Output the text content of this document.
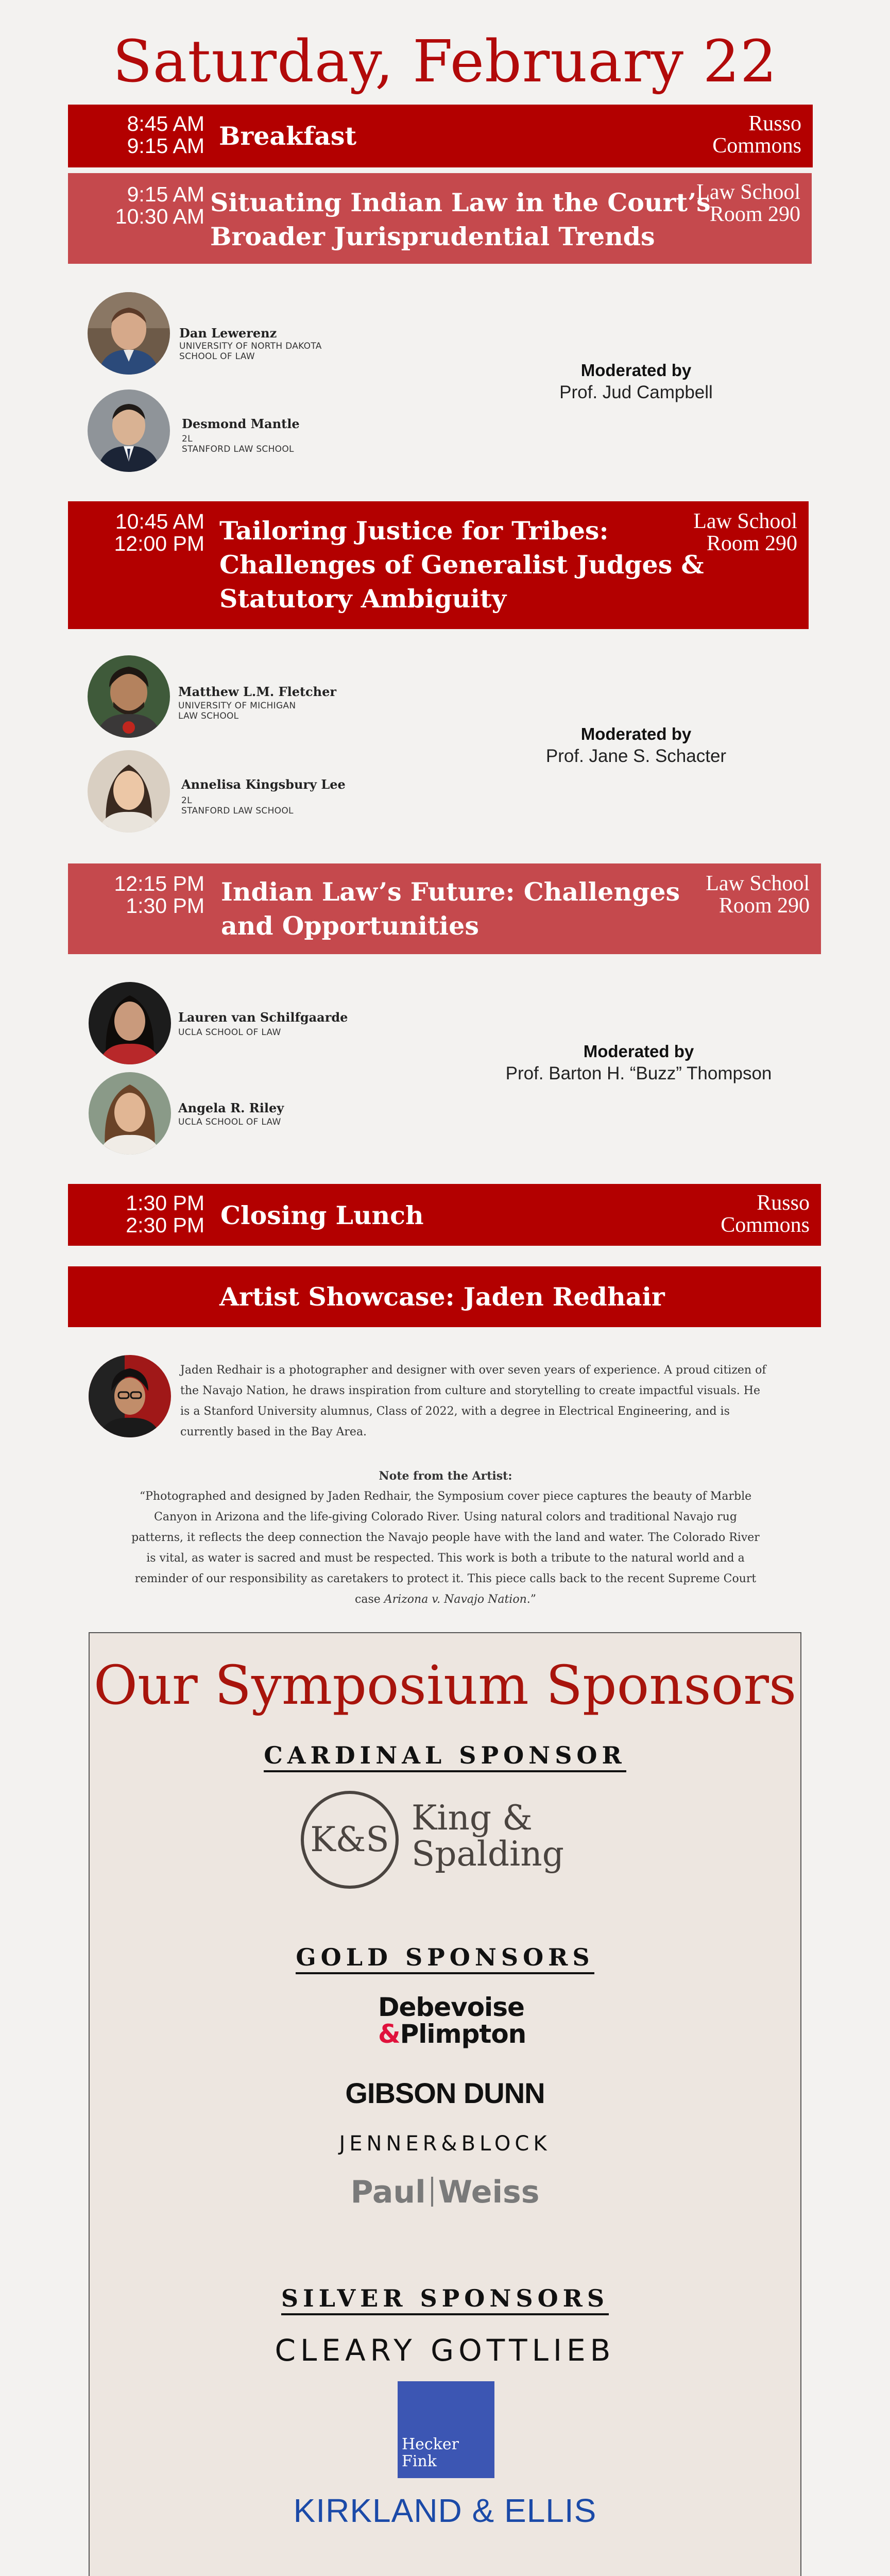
Saturday, February 22
8:45 AM
9:15 AM Breakfast	Russo
Commons
9:15 AM
10:30 AM Situating Indian Law in the Court’s
Broader Jurisprudential Trends
Law School
Room 290
Dan Lewerenz
UNIVERSITY OF NORTH DAKOTA
SCHOOL OF LAW
Desmond Mantle
2L
STANFORD LAW SCHOOL
Moderated by
Prof. Jud Campbell
10:45 AM
12:00 PM Tailoring Justice for Tribes:
Challenges of Generalist Judges &
Statutory Ambiguity
Law School
Room 290
Matthew L.M. Fletcher
UNIVERSITY OF MICHIGAN
LAW SCHOOL
Annelisa Kingsbury Lee
2L
STANFORD LAW SCHOOL
Moderated by
Prof. Jane S. Schacter
12:15 PM
1:30 PM Indian Law’s Future: Challenges
and Opportunities
Law School
Room 290
Lauren van Schilfgaarde
UCLA SCHOOL OF LAW
Angela R. Riley
UCLA SCHOOL OF LAW
Moderated by
Prof. Barton H. “Buzz” Thompson
1:30 PM
2:30 PM Closing Lunch	Russo
Commons
Artist Showcase: Jaden Redhair
Jaden Redhair is a photographer and designer with over seven years of experience. A proud citizen of the Navajo Nation, he draws inspiration from culture and storytelling to create impactful visuals. He is a Stanford University alumnus, Class of 2022, with a degree in Electrical Engineering, and is currently based in the Bay Area.
Note from the Artist:
“Photographed and designed by Jaden Redhair, the Symposium cover piece captures the beauty of Marble Canyon in Arizona and the life-giving Colorado River. Using natural colors and traditional Navajo rug patterns, it reflects the deep connection the Navajo people have with the land and water. The Colorado River is vital, as water is sacred and must be respected. This work is both a tribute to the natural world and a reminder of our responsibility as caretakers to protect it. This piece calls back to the recent Supreme Court case Arizona v. Navajo Nation.”
Our Symposium Sponsors
CARDINAL SPONSOR
K&S
King &
Spalding
GOLD SPONSORS
Debevoise
&Plimpton
GIBSON DUNN
JENNER&BLOCK
Paul Weiss
SILVER SPONSORS
CLEARY GOTTLIEB
Hecker
Fink
KIRKLAND & ELLIS
